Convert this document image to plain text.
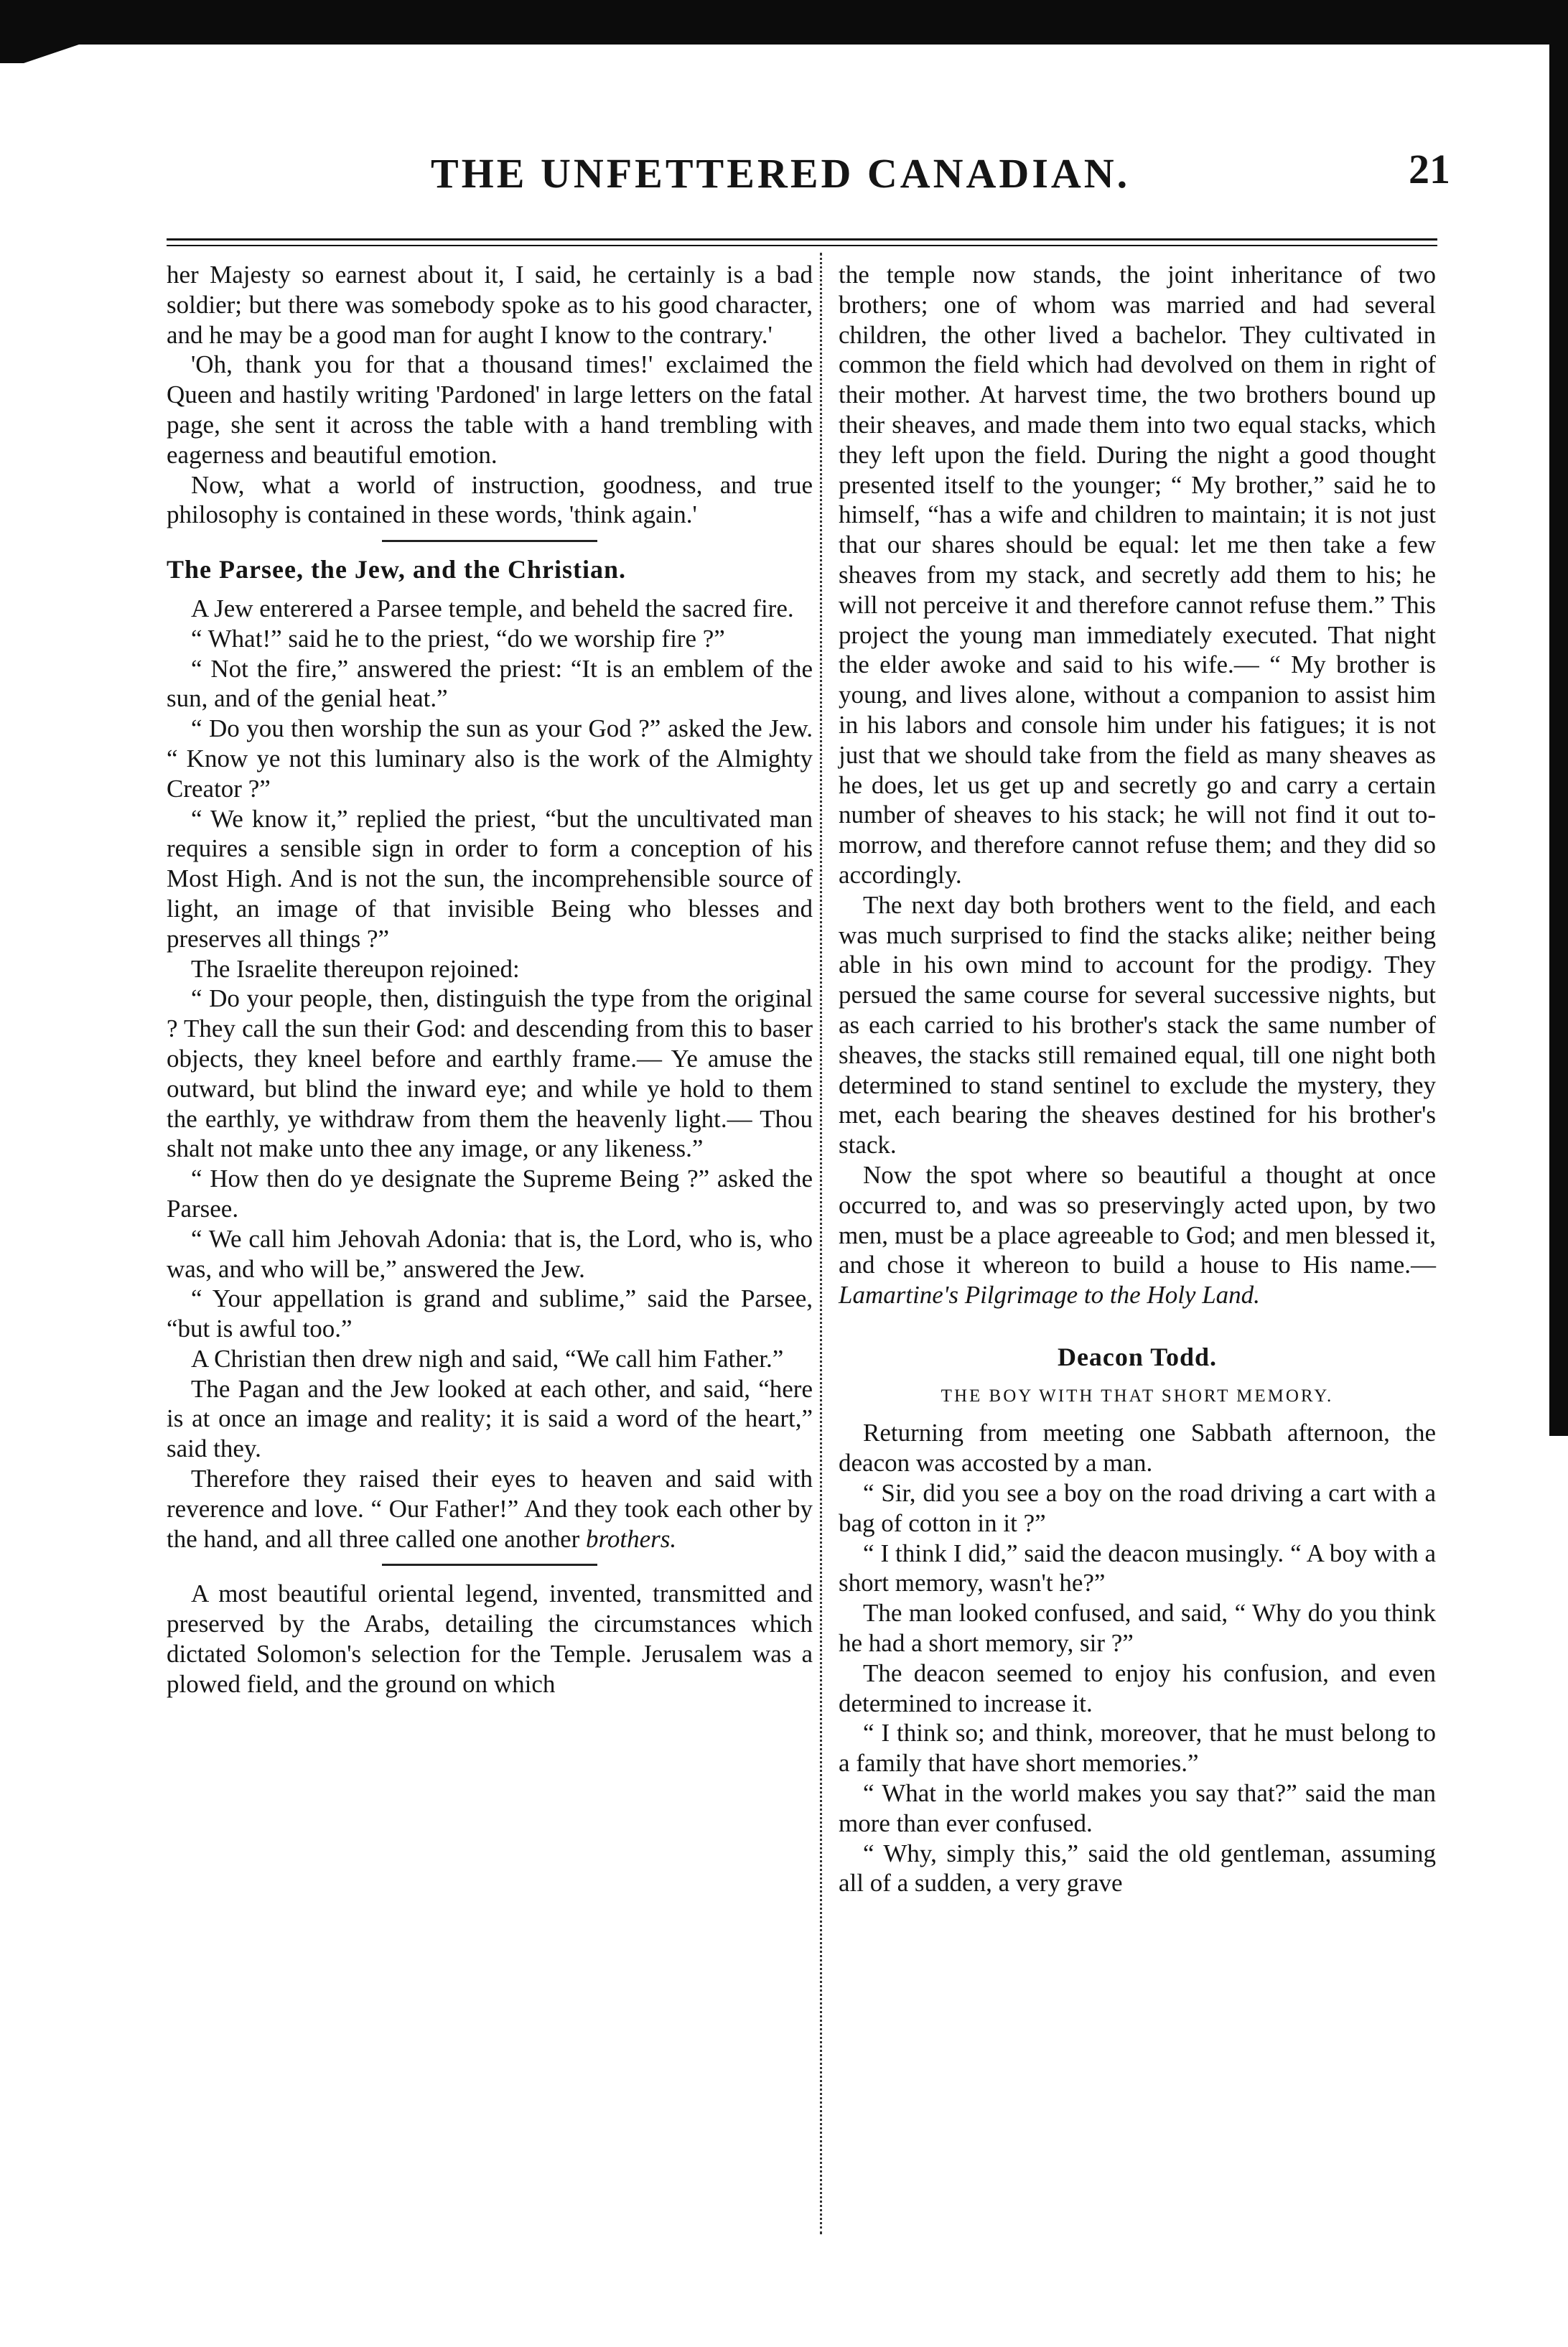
THE UNFETTERED CANADIAN.	21

her Majesty so earnest about it, I said, he certainly is a bad soldier; but there was somebody spoke as to his good character, and he may be a good man for aught I know to the contrary.'

'Oh, thank you for that a thousand times!' exclaimed the Queen and hastily writing 'Pardoned' in large letters on the fatal page, she sent it across the table with a hand trembling with eagerness and beautiful emotion.

Now, what a world of instruction, goodness, and true philosophy is contained in these words, 'think again.'

The Parsee, the Jew, and the Christian.

A Jew enterered a Parsee temple, and beheld the sacred fire.

“ What!” said he to the priest, “do we worship fire ?”

“ Not the fire,” answered the priest: “It is an emblem of the sun, and of the genial heat.”

“ Do you then worship the sun as your God ?” asked the Jew. “ Know ye not this luminary also is the work of the Almighty Creator ?”

“ We know it,” replied the priest, “but the uncultivated man requires a sensible sign in order to form a conception of his Most High. And is not the sun, the incomprehensible source of light, an image of that invisible Being who blesses and preserves all things ?”

The Israelite thereupon rejoined:

“ Do your people, then, distinguish the type from the original ? They call the sun their God: and descending from this to baser objects, they kneel before and earthly frame.— Ye amuse the outward, but blind the inward eye; and while ye hold to them the earthly, ye withdraw from them the heavenly light.— Thou shalt not make unto thee any image, or any likeness.”

“ How then do ye designate the Supreme Being ?” asked the Parsee.

“ We call him Jehovah Adonia: that is, the Lord, who is, who was, and who will be,” answered the Jew.

“ Your appellation is grand and sublime,” said the Parsee, “but is awful too.”

A Christian then drew nigh and said, “We call him Father.”

The Pagan and the Jew looked at each other, and said, “here is at once an image and reality; it is said a word of the heart,” said they.

Therefore they raised their eyes to heaven and said with reverence and love. “ Our Father!” And they took each other by the hand, and all three called one another brothers.

A most beautiful oriental legend, invented, transmitted and preserved by the Arabs, detailing the circumstances which dictated Solomon's selection for the Temple. Jerusalem was a plowed field, and the ground on which

the temple now stands, the joint inheritance of two brothers; one of whom was married and had several children, the other lived a bachelor. They cultivated in common the field which had devolved on them in right of their mother. At harvest time, the two brothers bound up their sheaves, and made them into two equal stacks, which they left upon the field. During the night a good thought presented itself to the younger; “ My brother,” said he to himself, “has a wife and children to maintain; it is not just that our shares should be equal: let me then take a few sheaves from my stack, and secretly add them to his; he will not perceive it and therefore cannot refuse them.” This project the young man immediately executed. That night the elder awoke and said to his wife.— “ My brother is young, and lives alone, without a companion to assist him in his labors and console him under his fatigues; it is not just that we should take from the field as many sheaves as he does, let us get up and secretly go and carry a certain number of sheaves to his stack; he will not find it out to-morrow, and therefore cannot refuse them; and they did so accordingly.

The next day both brothers went to the field, and each was much surprised to find the stacks alike; neither being able in his own mind to account for the prodigy. They persued the same course for several successive nights, but as each carried to his brother's stack the same number of sheaves, the stacks still remained equal, till one night both determined to stand sentinel to exclude the mystery, they met, each bearing the sheaves destined for his brother's stack.

Now the spot where so beautiful a thought at once occurred to, and was so preservingly acted upon, by two men, must be a place agreeable to God; and men blessed it, and chose it whereon to build a house to His name.—Lamartine's Pilgrimage to the Holy Land.

Deacon Todd.
THE BOY WITH THAT SHORT MEMORY.

Returning from meeting one Sabbath afternoon, the deacon was accosted by a man.

“ Sir, did you see a boy on the road driving a cart with a bag of cotton in it ?”

“ I think I did,” said the deacon musingly. “ A boy with a short memory, wasn't he?”

The man looked confused, and said, “ Why do you think he had a short memory, sir ?”

The deacon seemed to enjoy his confusion, and even determined to increase it.

“ I think so; and think, moreover, that he must belong to a family that have short memories.”

“ What in the world makes you say that?” said the man more than ever confused.

“ Why, simply this,” said the old gentleman, assuming all of a sudden, a very grave
